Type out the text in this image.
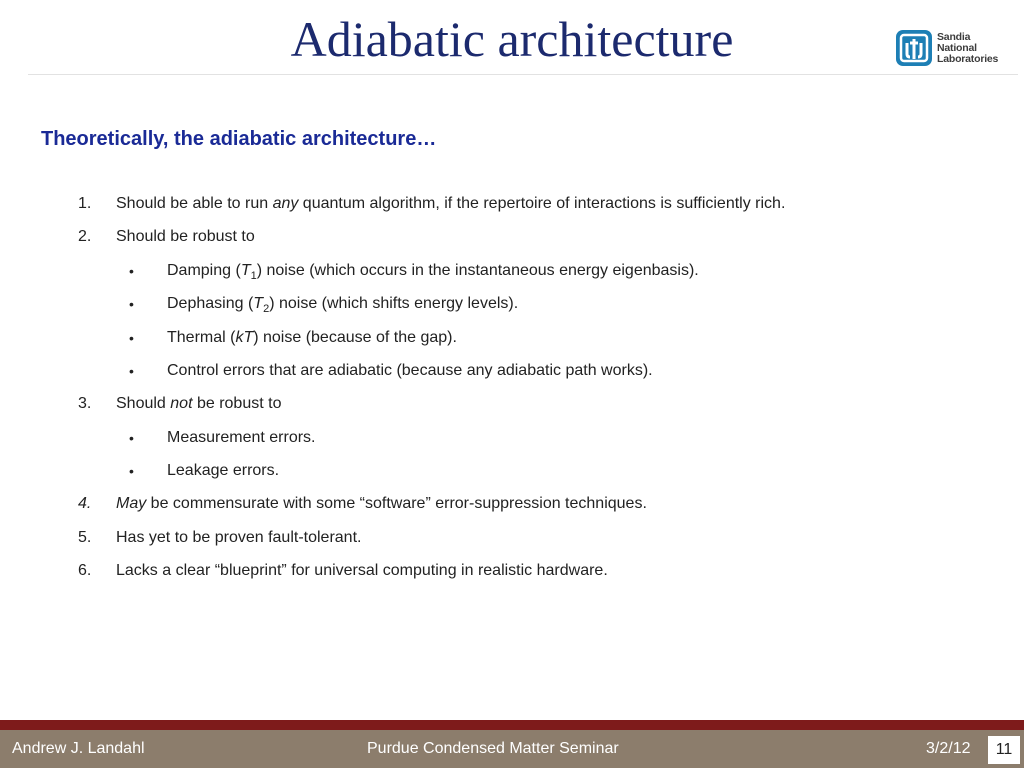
Adiabatic architecture	Sandia
National
Laboratories
Theoretically, the adiabatic architecture…
1. Should be able to run any quantum algorithm, if the repertoire of interactions is sufficiently rich.
2. Should be robust to
• Damping $(T_1)$ noise (which occurs in the instantaneous energy eigenbasis).
• Dephasing $(T_2)$ noise (which shifts energy levels).
• Thermal (kT) noise (because of the gap).
• Control errors that are adiabatic (because any adiabatic path works).
3. Should not be robust to
• Measurement errors.
• Leakage errors.
4. May be commensurate with some “software” error-suppression techniques.
5. Has yet to be proven fault-tolerant.
6. Lacks a clear “blueprint” for universal computing in realistic hardware.
Andrew J. Landahl	Purdue Condensed Matter Seminar	3/2/12	11
